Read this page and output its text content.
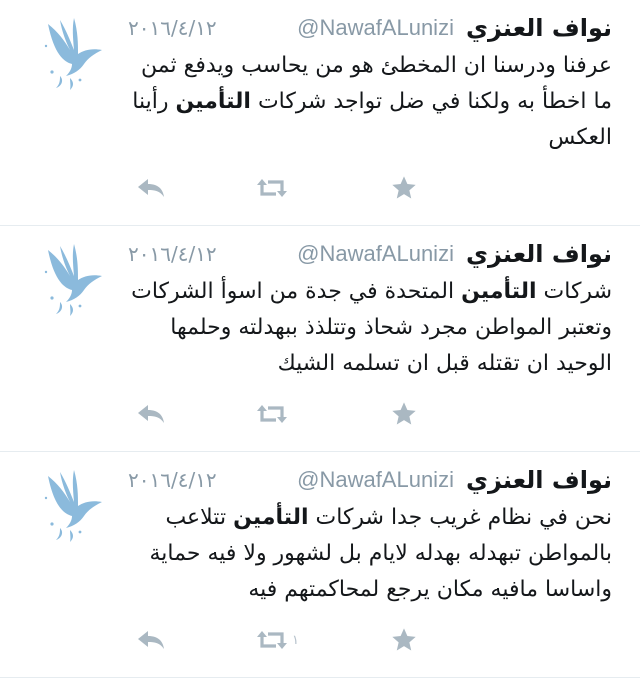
نواف العنزي
@NawafALunizi
٢٠١٦/٤/١٢
عرفنا ودرسنا ان المخطئ هو من يحاسب ويدفع ثمن ما اخطأ به ولكنا في ضل تواجد شركات التأمين رأينا العكس
نواف العنزي
@NawafALunizi
٢٠١٦/٤/١٢
شركات التأمين المتحدة في جدة من اسوأ الشركات وتعتبر المواطن مجرد شحاذ وتتلذذ ببهدلته وحلمها الوحيد ان تقتله قبل ان تسلمه الشيك
نواف العنزي
@NawafALunizi
٢٠١٦/٤/١٢
نحن في نظام غريب جدا شركات التأمين تتلاعب بالمواطن تبهدله بهدله لايام بل لشهور ولا فيه حماية واساسا مافيه مكان يرجع لمحاكمتهم فيه
١
